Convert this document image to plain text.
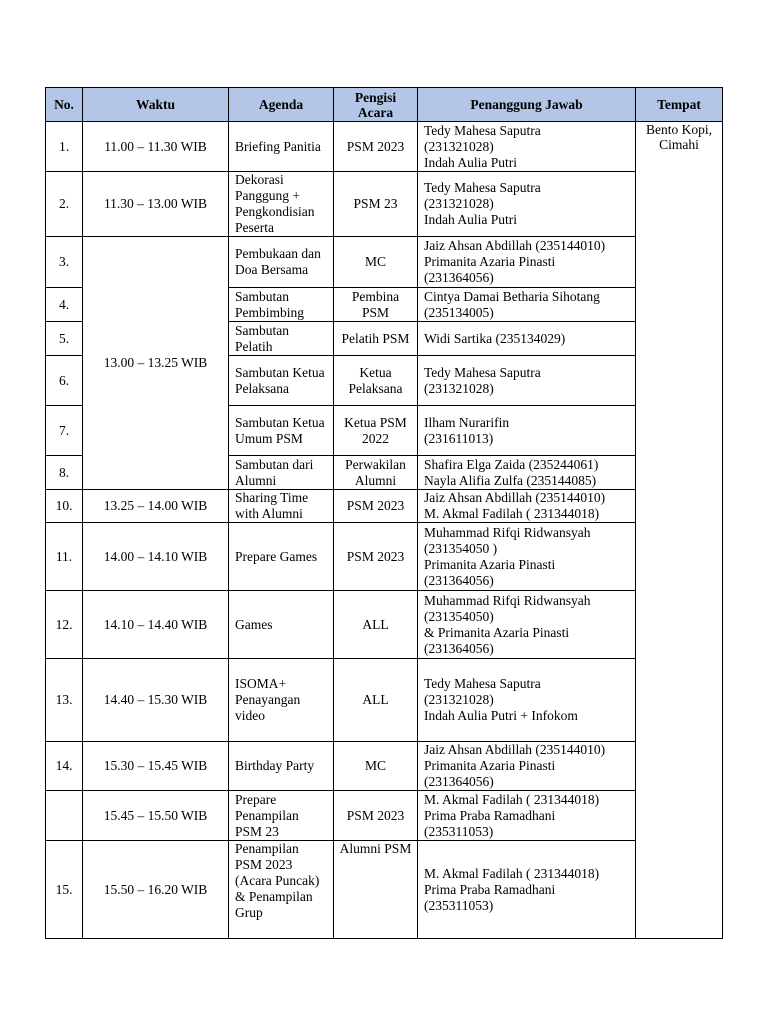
No.	Waktu	Agenda	Pengisi Acara	Penanggung Jawab	Tempat
1.	11.00 – 11.30 WIB	Briefing Panitia	PSM 2023	Tedy Mahesa Saputra
(231321028)
Indah Aulia Putri	Bento Kopi, Cimahi
2.	11.30 – 13.00 WIB	Dekorasi Panggung + Pengkondisian Peserta	PSM 23	Tedy Mahesa Saputra
(231321028)
Indah Aulia Putri	

3.	13.00 – 13.25 WIB	Pembukaan dan Doa Bersama	MC	Jaiz Ahsan Abdillah (235144010)
Primanita Azaria Pinasti
(231364056)	

4.		Sambutan Pembimbing	Pembina PSM	Cintya Damai Betharia Sihotang
(235134005)	

5.		Sambutan Pelatih	Pelatih PSM	Widi Sartika (235134029)	

6.		Sambutan Ketua Pelaksana	Ketua Pelaksana	Tedy Mahesa Saputra
(231321028)	

7.		Sambutan Ketua Umum PSM	Ketua PSM 2022	Ilham Nurarifin
(231611013)	

8.		Sambutan dari Alumni	Perwakilan Alumni	Shafira Elga Zaida (235244061)
Nayla Alifia Zulfa (235144085)	

10.	13.25 – 14.00 WIB	Sharing Time with Alumni	PSM 2023	Jaiz Ahsan Abdillah (235144010)
M. Akmal Fadilah ( 231344018)	

11.	14.00 – 14.10 WIB	Prepare Games	PSM 2023	Muhammad Rifqi Ridwansyah
(231354050 )
Primanita Azaria Pinasti
(231364056)	

12.	14.10 – 14.40 WIB	Games	ALL	Muhammad Rifqi Ridwansyah
(231354050)
& Primanita Azaria Pinasti
(231364056)	

13.	14.40 – 15.30 WIB	ISOMA+ Penayangan video	ALL	Tedy Mahesa Saputra
(231321028)
Indah Aulia Putri + Infokom	

14.	15.30 – 15.45 WIB	Birthday Party	MC	Jaiz Ahsan Abdillah (235144010)
Primanita Azaria Pinasti
(231364056)	

	15.45 – 15.50 WIB	Prepare Penampilan PSM 23	PSM 2023	M. Akmal Fadilah ( 231344018)
Prima Praba Ramadhani
(235311053)	

15.	15.50 – 16.20 WIB	Penampilan PSM 2023 (Acara Puncak) & Penampilan Grup	Alumni PSM	M. Akmal Fadilah ( 231344018)
Prima Praba Ramadhani
(235311053)	
